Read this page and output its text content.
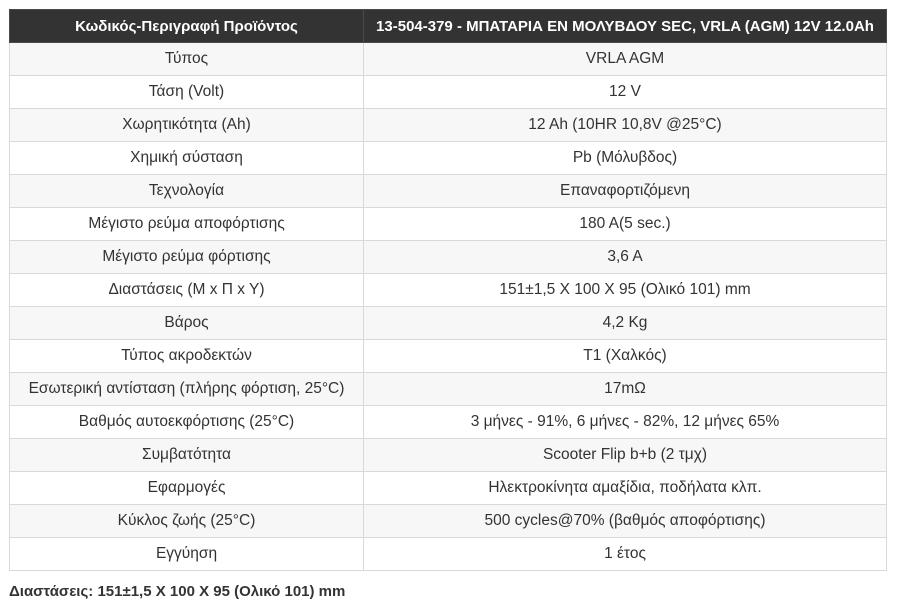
Κωδικός-Περιγραφή Προϊόντος	13-504-379 - ΜΠΑΤΑΡΙΑ ΕΝ ΜΟΛΥΒΔΟΥ SEC, VRLA (AGM) 12V 12.0Ah
Τύπος	VRLA AGM
Τάση (Volt)	12 V
Χωρητικότητα (Ah)	12 Ah (10HR 10,8V @25°C)
Χημική σύσταση	Pb (Μόλυβδος)
Τεχνολογία	Επαναφορτιζόμενη
Μέγιστο ρεύμα αποφόρτισης	180 A(5 sec.)
Μέγιστο ρεύμα φόρτισης	3,6 A
Διαστάσεις (M x Π x Y)	151±1,5 X 100 X 95 (Ολικό 101) mm
Βάρος	4,2 Kg
Τύπος ακροδεκτών	T1 (Χαλκός)
Εσωτερική αντίσταση (πλήρης φόρτιση, 25°C)	17mΩ
Βαθμός αυτοεκφόρτισης (25°C)	3 μήνες - 91%, 6 μήνες - 82%, 12 μήνες 65%
Συμβατότητα	Scooter Flip b+b (2 τμχ)
Εφαρμογές	Ηλεκτροκίνητα αμαξίδια, ποδήλατα κλπ.
Κύκλος ζωής (25°C)	500 cycles@70% (βαθμός αποφόρτισης)
Εγγύηση	1 έτος
Διαστάσεις: 151±1,5 X 100 X 95 (Ολικό 101) mm
